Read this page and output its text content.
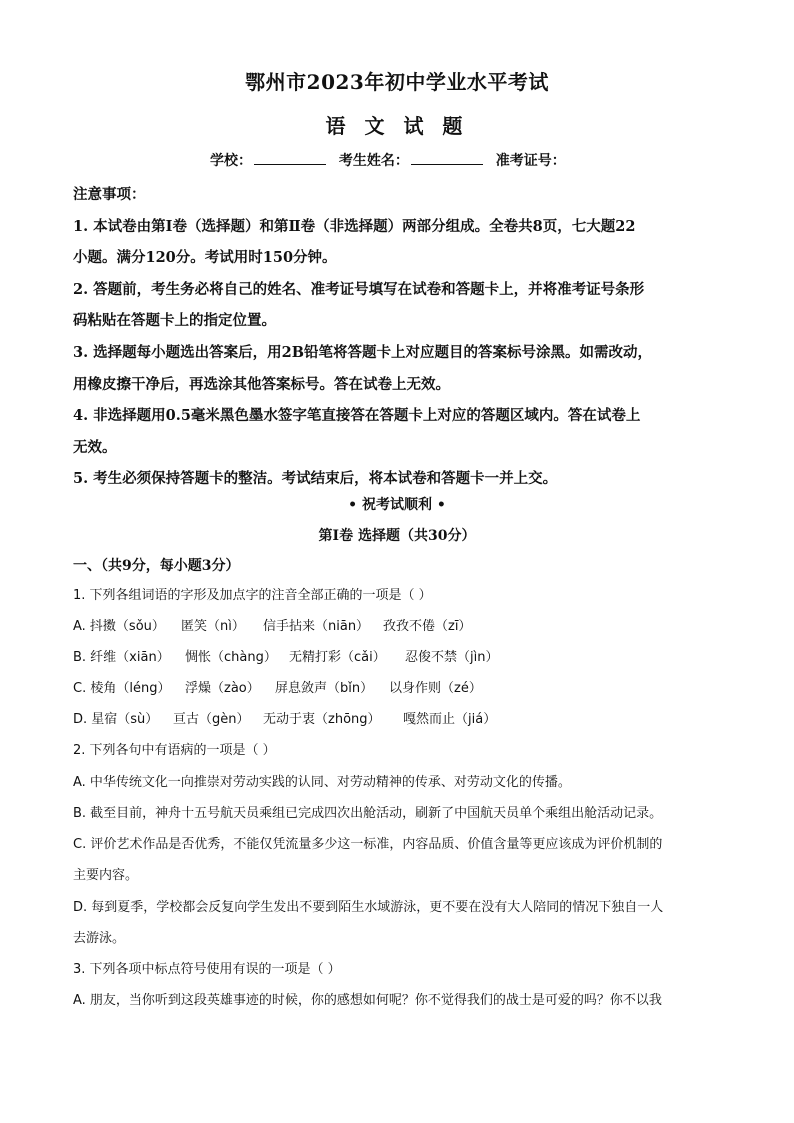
鄂州市2023年初中学业水平考试
语 文 试 题
学校：	考生姓名：	准考证号：

注意事项：

1. 本试卷由第Ⅰ卷（选择题）和第Ⅱ卷（非选择题）两部分组成。全卷共8页，七大题22

小题。满分120分。考试用时150分钟。

2. 答题前，考生务必将自己的姓名、准考证号填写在试卷和答题卡上，并将准考证号条形

码粘贴在答题卡上的指定位置。

3. 选择题每小题选出答案后，用2B铅笔将答题卡上对应题目的答案标号涂黑。如需改动，

用橡皮擦干净后，再选涂其他答案标号。答在试卷上无效。

4. 非选择题用0.5毫米黑色墨水签字笔直接答在答题卡上对应的答题区域内。答在试卷上

无效。

5. 考生必须保持答题卡的整洁。考试结束后，将本试卷和答题卡一并上交。

• 祝考试顺利 •
第Ⅰ卷 选择题（共30分）
一、（共9分，每小题3分）
1. 下列各组词语的字形及加点字的注音全部正确的一项是（ ）
A. 抖擞（sǒu） 匿笑（nì） 信手拈来（niān） 孜孜不倦（zī）
B. 纤维（xiān） 惆怅（chàng） 无精打彩（cǎi） 忍俊不禁（jìn）
C. 棱角（léng） 浮燥（zào） 屏息敛声（bǐn） 以身作则（zé）
D. 星宿（sù） 亘古（gèn） 无动于衷（zhōng） 嘎然而止（jiá）
2. 下列各句中有语病的一项是（ ）
A. 中华传统文化一向推崇对劳动实践的认同、对劳动精神的传承、对劳动文化的传播。
B. 截至目前，神舟十五号航天员乘组已完成四次出舱活动，刷新了中国航天员单个乘组出舱活动记录。
C. 评价艺术作品是否优秀，不能仅凭流量多少这一标准，内容品质、价值含量等更应该成为评价机制的
主要内容。
D. 每到夏季，学校都会反复向学生发出不要到陌生水域游泳，更不要在没有大人陪同的情况下独自一人
去游泳。
3. 下列各项中标点符号使用有误的一项是（ ）
A. 朋友，当你听到这段英雄事迹的时候，你的感想如何呢？你不觉得我们的战士是可爱的吗？你不以我
